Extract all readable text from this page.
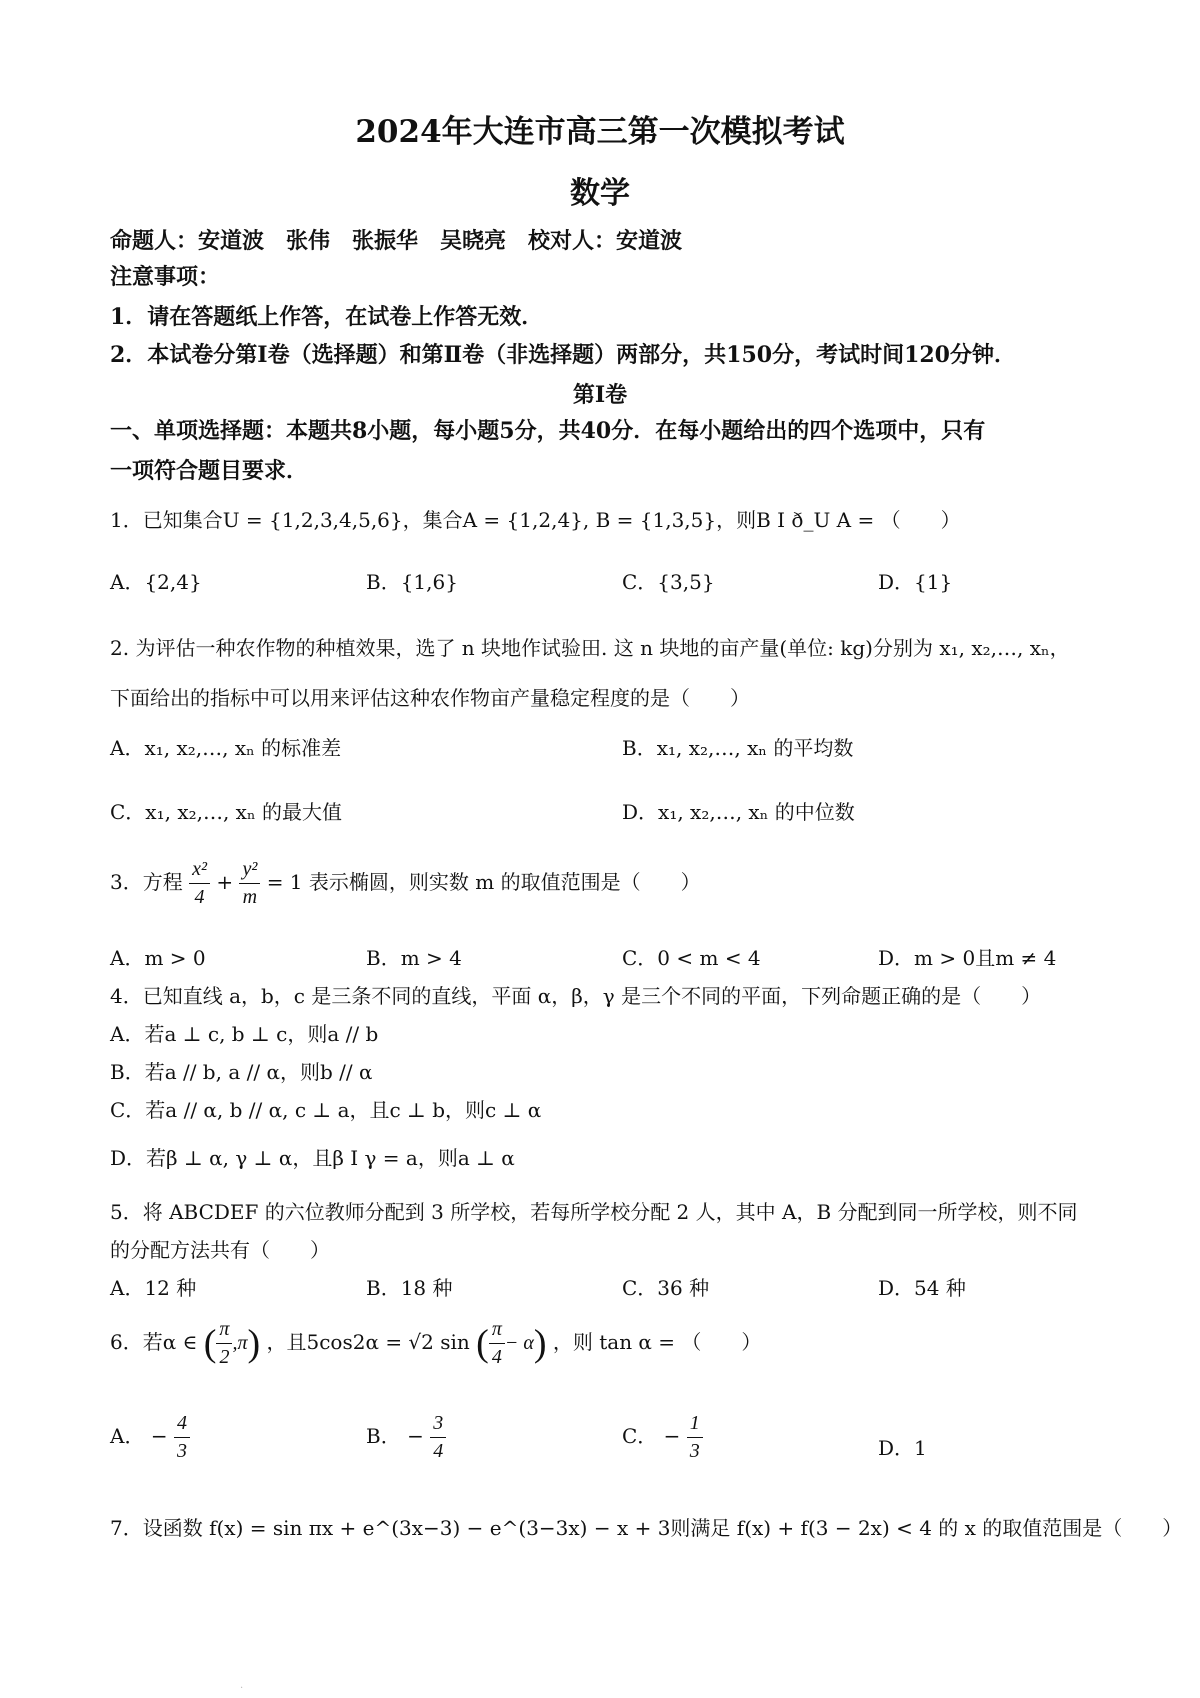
2024年大连市高三第一次模拟考试
数学
命题人：安道波　张伟　张振华　吴晓亮　校对人：安道波
注意事项：
1．请在答题纸上作答，在试卷上作答无效．
2．本试卷分第Ⅰ卷（选择题）和第Ⅱ卷（非选择题）两部分，共150分，考试时间120分钟．
第Ⅰ卷
一、单项选择题：本题共8小题，每小题5分，共40分．在每小题给出的四个选项中，只有
一项符合题目要求．
1．已知集合U = {1,2,3,4,5,6}，集合A = {1,2,4}, B = {1,3,5}，则B I ð_U A = （　　）
A．{2,4}	B．{1,6}	C．{3,5}	D．{1}
2. 为评估一种农作物的种植效果，选了 n 块地作试验田. 这 n 块地的亩产量(单位: kg)分别为 x₁, x₂,…, xₙ，
下面给出的指标中可以用来评估这种农作物亩产量稳定程度的是（　　）
A．x₁, x₂,…, xₙ 的标准差	B．x₁, x₂,…, xₙ 的平均数
C．x₁, x₂,…, xₙ 的最大值	D．x₁, x₂,…, xₙ 的中位数
3．方程 $\frac{\text{x²}}{4} + \frac{\text{y²}}{m} = 1$ 表示椭圆，则实数 m 的取值范围是（　　）
A．m > 0	B．m > 4	C．0 < m < 4	D．m > 0且m ≠ 4
4．已知直线 a，b，c 是三条不同的直线，平面 α，β，γ 是三个不同的平面，下列命题正确的是（　　）
A．若a ⊥ c, b ⊥ c，则a // b
B．若a // b, a // α，则b // α
C．若a // α, b // α, c ⊥ a，且c ⊥ b，则c ⊥ α
D．若β ⊥ α, γ ⊥ α，且β I γ = a，则a ⊥ α
5．将 ABCDEF 的六位教师分配到 3 所学校，若每所学校分配 2 人，其中 A，B 分配到同一所学校，则不同
的分配方法共有（　　）
A．12 种	B．18 种	C．36 种	D．54 种
6．若α ∈ ( $\frac{\pi}{2} ,\pi$) ，且5cos2α = √2 sin ( $\frac{\pi}{4} - \alpha$) ，则 tan α = （　　）
A． − $\frac{4}{3}$	B． − $\frac{3}{4}$	C． − $\frac{1}{3}$	D．1
7．设函数 f(x) = sin πx + e^(3x−3) − e^(3−3x) − x + 3则满足 f(x) + f(3 − 2x) < 4 的 x 的取值范围是（　　）
.
